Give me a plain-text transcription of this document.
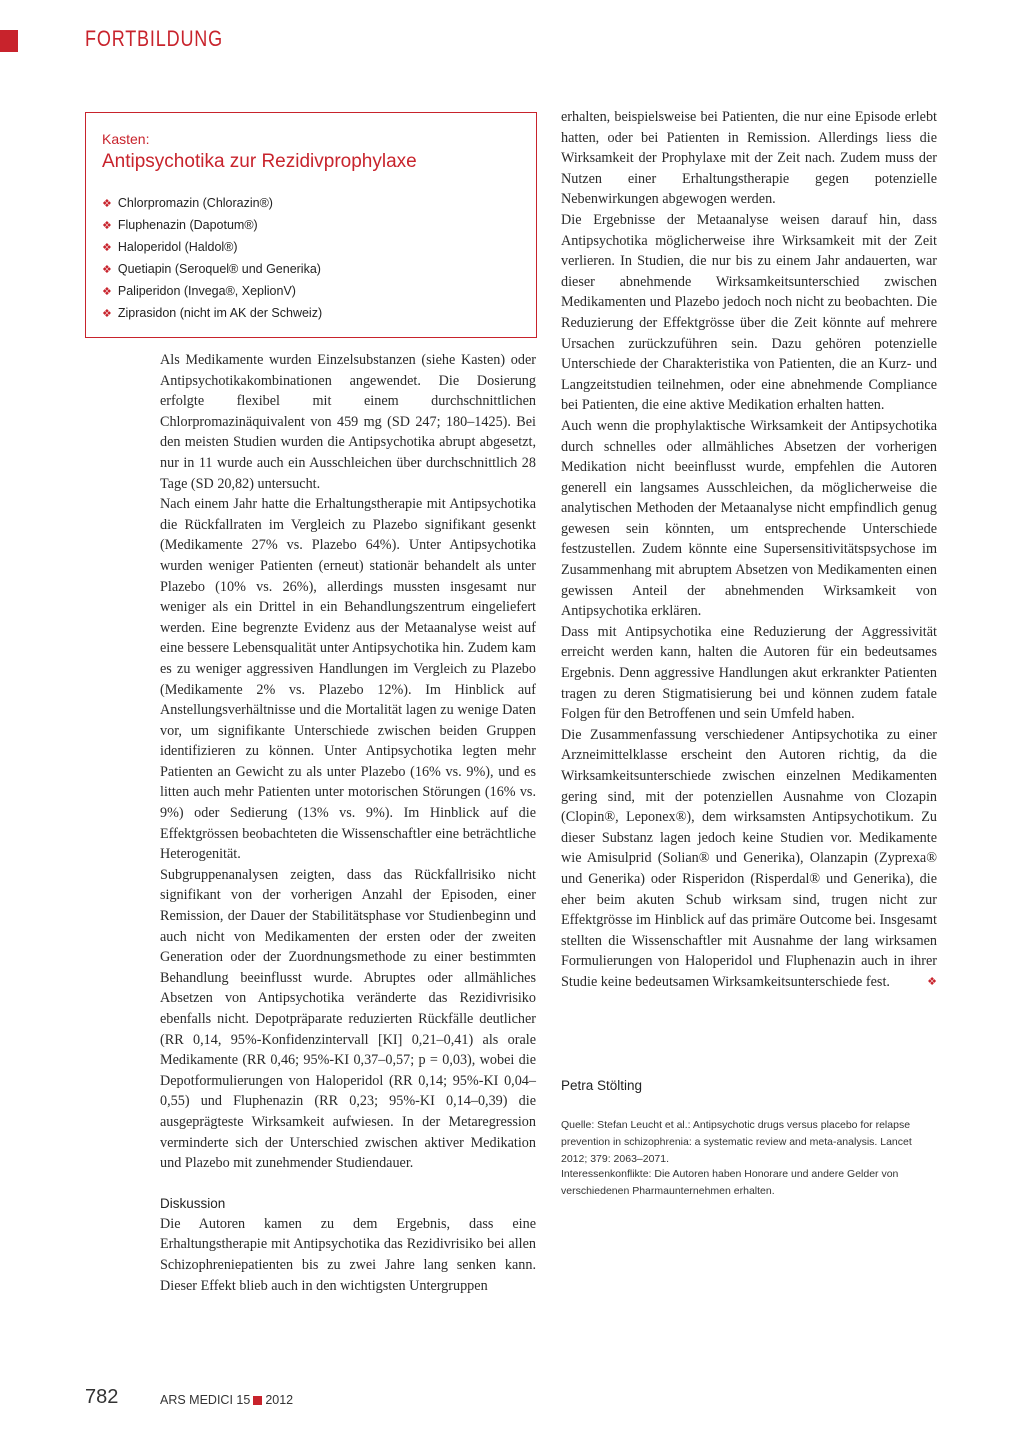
FORTBILDUNG
Kasten:
Antipsychotika zur Rezidivprophylaxe
❖ Chlorpromazin (Chlorazin®)
❖ Fluphenazin (Dapotum®)
❖ Haloperidol (Haldol®)
❖ Quetiapin (Seroquel® und Generika)
❖ Paliperidon (Invega®, XeplionV)
❖ Ziprasidon (nicht im AK der Schweiz)

Als Medikamente wurden Einzelsubstanzen (siehe Kasten) oder Antipsychotikakombinationen angewendet. Die Dosierung erfolgte flexibel mit einem durchschnittlichen Chlorpromazinäquivalent von 459 mg (SD 247; 180–1425). Bei den meisten Studien wurden die Antipsychotika abrupt abgesetzt, nur in 11 wurde auch ein Ausschleichen über durchschnittlich 28 Tage (SD 20,82) untersucht.

Nach einem Jahr hatte die Erhaltungstherapie mit Antipsychotika die Rückfallraten im Vergleich zu Plazebo signifikant gesenkt (Medikamente 27% vs. Plazebo 64%). Unter Antipsychotika wurden weniger Patienten (erneut) stationär behandelt als unter Plazebo (10% vs. 26%), allerdings mussten insgesamt nur weniger als ein Drittel in ein Behandlungszentrum eingeliefert werden. Eine begrenzte Evidenz aus der Metaanalyse weist auf eine bessere Lebensqualität unter Antipsychotika hin. Zudem kam es zu weniger aggressiven Handlungen im Vergleich zu Plazebo (Medikamente 2% vs. Plazebo 12%). Im Hinblick auf Anstellungsverhältnisse und die Mortalität lagen zu wenige Daten vor, um signifikante Unterschiede zwischen beiden Gruppen identifizieren zu können. Unter Antipsychotika legten mehr Patienten an Gewicht zu als unter Plazebo (16% vs. 9%), und es litten auch mehr Patienten unter motorischen Störungen (16% vs. 9%) oder Sedierung (13% vs. 9%). Im Hinblick auf die Effektgrössen beobachteten die Wissenschaftler eine beträchtliche Heterogenität.

Subgruppenanalysen zeigten, dass das Rückfallrisiko nicht signifikant von der vorherigen Anzahl der Episoden, einer Remission, der Dauer der Stabilitätsphase vor Studienbeginn und auch nicht von Medikamenten der ersten oder der zweiten Generation oder der Zuordnungsmethode zu einer bestimmten Behandlung beeinflusst wurde. Abruptes oder allmähliches Absetzen von Antipsychotika veränderte das Rezidivrisiko ebenfalls nicht. Depotpräparate reduzierten Rückfälle deutlicher (RR 0,14, 95%-Konfidenzintervall [KI] 0,21–0,41) als orale Medikamente (RR 0,46; 95%-KI 0,37–0,57; p = 0,03), wobei die Depotformulierungen von Haloperidol (RR 0,14; 95%-KI 0,04–0,55) und Fluphenazin (RR 0,23; 95%-KI 0,14–0,39) die ausgeprägteste Wirksamkeit aufwiesen. In der Metaregression verminderte sich der Unterschied zwischen aktiver Medikation und Plazebo mit zunehmender Studiendauer.

Diskussion

Die Autoren kamen zu dem Ergebnis, dass eine Erhaltungstherapie mit Antipsychotika das Rezidivrisiko bei allen Schizophreniepatienten bis zu zwei Jahre lang senken kann. Dieser Effekt blieb auch in den wichtigsten Untergruppen

erhalten, beispielsweise bei Patienten, die nur eine Episode erlebt hatten, oder bei Patienten in Remission. Allerdings liess die Wirksamkeit der Prophylaxe mit der Zeit nach. Zudem muss der Nutzen einer Erhaltungstherapie gegen potenzielle Nebenwirkungen abgewogen werden.

Die Ergebnisse der Metaanalyse weisen darauf hin, dass Antipsychotika möglicherweise ihre Wirksamkeit mit der Zeit verlieren. In Studien, die nur bis zu einem Jahr andauerten, war dieser abnehmende Wirksamkeitsunterschied zwischen Medikamenten und Plazebo jedoch noch nicht zu beobachten. Die Reduzierung der Effektgrösse über die Zeit könnte auf mehrere Ursachen zurückzuführen sein. Dazu gehören potenzielle Unterschiede der Charakteristika von Patienten, die an Kurz- und Langzeitstudien teilnehmen, oder eine abnehmende Compliance bei Patienten, die eine aktive Medikation erhalten hatten.

Auch wenn die prophylaktische Wirksamkeit der Antipsychotika durch schnelles oder allmähliches Absetzen der vorherigen Medikation nicht beeinflusst wurde, empfehlen die Autoren generell ein langsames Ausschleichen, da möglicherweise die analytischen Methoden der Metaanalyse nicht empfindlich genug gewesen sein könnten, um entsprechende Unterschiede festzustellen. Zudem könnte eine Supersensitivitätspsychose im Zusammenhang mit abruptem Absetzen von Medikamenten einen gewissen Anteil der abnehmenden Wirksamkeit von Antipsychotika erklären.

Dass mit Antipsychotika eine Reduzierung der Aggressivität erreicht werden kann, halten die Autoren für ein bedeutsames Ergebnis. Denn aggressive Handlungen akut erkrankter Patienten tragen zu deren Stigmatisierung bei und können zudem fatale Folgen für den Betroffenen und sein Umfeld haben.

Die Zusammenfassung verschiedener Antipsychotika zu einer Arzneimittelklasse erscheint den Autoren richtig, da die Wirksamkeitsunterschiede zwischen einzelnen Medikamenten gering sind, mit der potenziellen Ausnahme von Clozapin (Clopin®, Leponex®), dem wirksamsten Antipsychotikum. Zu dieser Substanz lagen jedoch keine Studien vor. Medikamente wie Amisulprid (Solian® und Generika), Olanzapin (Zyprexa® und Generika) oder Risperidon (Risperdal® und Generika), die eher beim akuten Schub wirksam sind, trugen nicht zur Effektgrösse im Hinblick auf das primäre Outcome bei. Insgesamt stellten die Wissenschaftler mit Ausnahme der lang wirksamen Formulierungen von Haloperidol und Fluphenazin auch in ihrer Studie keine bedeutsamen Wirksamkeitsunterschiede fest.	❖

Petra Stölting
Quelle: Stefan Leucht et al.: Antipsychotic drugs versus placebo for relapse prevention in schizophrenia: a systematic review and meta-analysis. Lancet 2012; 379: 2063–2071.
Interessenkonflikte: Die Autoren haben Honorare und andere Gelder von verschiedenen Pharmaunternehmen erhalten.
782	ARS MEDICI 15 2012
